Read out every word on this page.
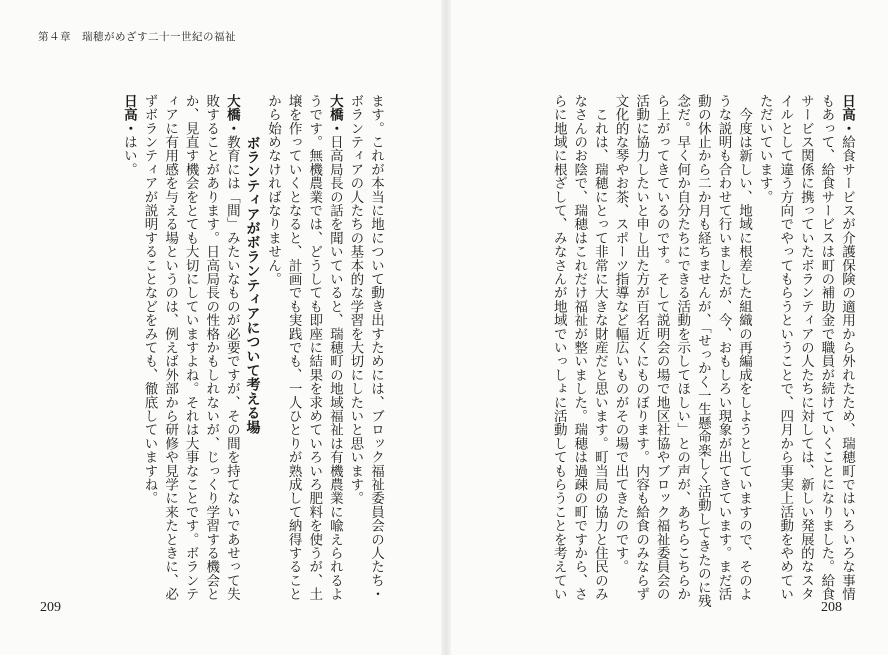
第４章　瑞穂がめざす二十一世紀の福祉

日高・給食サービスが介護保険の適用から外れたため、瑞穂町ではいろいろな事情

もあって、給食サービスは町の補助金で職員が続けていくことになりました。給食

サービス関係に携っていたボランティアの人たちに対しては、新しい発展的なスタ

イルとして違う方向でやってもらうということで、四月から事実上活動をやめてい

ただいています。

　今度は新しい、地域に根差した組織の再編成をしようとしていますので、そのよ

うな説明も合わせて行いましたが、今、おもしろい現象が出てきています。まだ活

動の休止から二か月も経ちませんが、「せっかく一生懸命楽しく活動してきたのに残

念だ。早く何か自分たちにできる活動を示してほしい」との声が、あちらこちらか

ら上がってきているのです。そして説明会の場で地区社協やブロック福祉委員会の

活動に協力したいと申し出た方が百名近くにものぼります。内容も給食のみならず

文化的な琴やお茶、スポーツ指導など幅広いものがその場で出てきたのです。

　これは、瑞穂にとって非常に大きな財産だと思います。町当局の協力と住民のみ

なさんのお陰で、瑞穂はこれだけ福祉が整いました。瑞穂は過疎の町ですから、さ

らに地域に根ざして、みなさんが地域でいっしょに活動してもらうことを考えてい

ます。これが本当に地について動き出すためには、ブロック福祉委員会の人たち・

ボランティアの人たちの基本的な学習を大切にしたいと思います。

大橋・日高局長の話を聞いていると、瑞穂町の地域福祉は有機農業に喩えられるよ

うです。無機農業では、どうしても即座に結果を求めていろいろ肥料を使うが、土

壌を作っていくとなると、計画でも実践でも、一人ひとりが熟成して納得すること

から始めなければなりません。

ボランティアがボランティアについて考える場

大橋・教育には「間」みたいなものが必要ですが、その間を持てないであせって失

敗することがあります。日高局長の性格かもしれないが、じっくり学習する機会と

か、見直す機会をとても大切にしていますよね。それは大事なことです。ボランテ

ィアに有用感を与える場というのは、例えば外部から研修や見学に来たときに、必

ずボランティアが説明することなどをみても、徹底していますね。

日高・はい。

209	208
